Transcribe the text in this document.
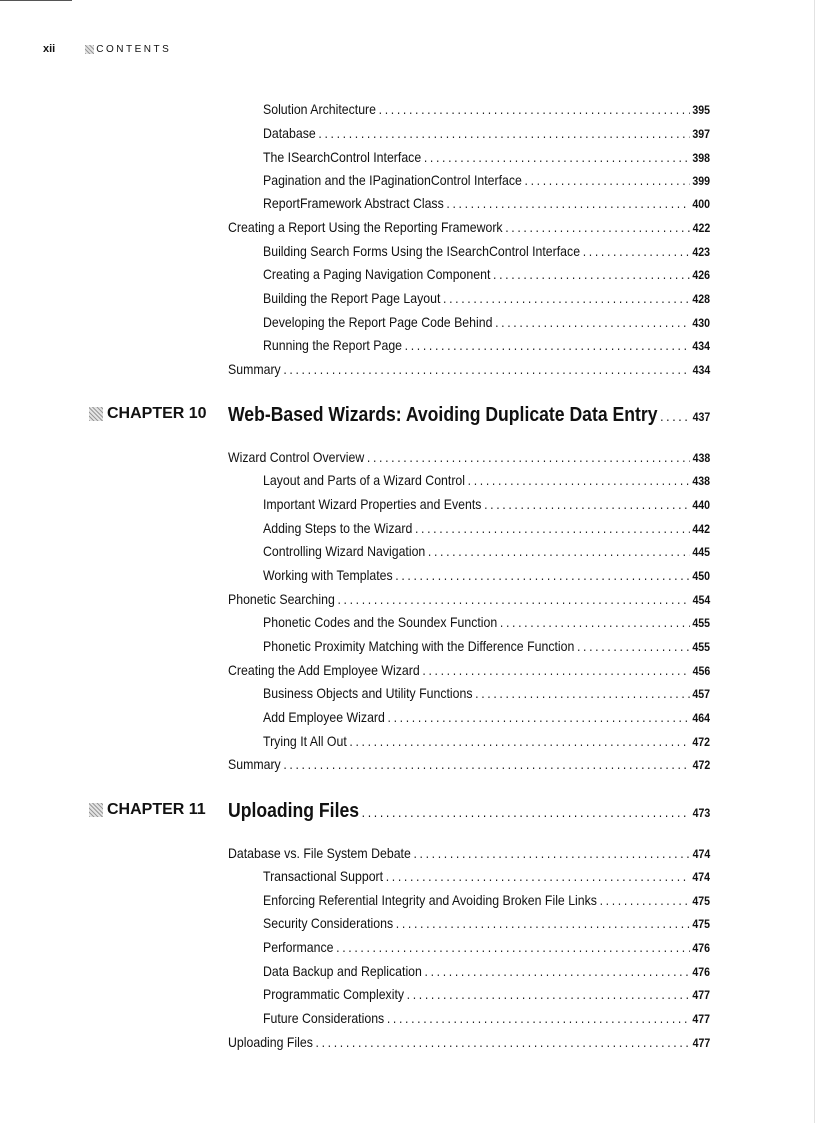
xii	CONTENTS
Solution Architecture .....	395
Database .....	397
The ISearchControl Interface .....	398
Pagination and the IPaginationControl Interface .....	399
ReportFramework Abstract Class .....	400
Creating a Report Using the Reporting Framework .....	422
Building Search Forms Using the ISearchControl Interface .....	423
Creating a Paging Navigation Component .....	426
Building the Report Page Layout .....	428
Developing the Report Page Code Behind .....	430
Running the Report Page .....	434
Summary .....	434
CHAPTER 10 Web-Based Wizards: Avoiding Duplicate Data Entry .....	437
Wizard Control Overview .....	438
Layout and Parts of a Wizard Control .....	438
Important Wizard Properties and Events .....	440
Adding Steps to the Wizard .....	442
Controlling Wizard Navigation .....	445
Working with Templates .....	450
Phonetic Searching .....	454
Phonetic Codes and the Soundex Function .....	455
Phonetic Proximity Matching with the Difference Function .....	455
Creating the Add Employee Wizard .....	456
Business Objects and Utility Functions .....	457
Add Employee Wizard .....	464
Trying It All Out .....	472
Summary .....	472
CHAPTER 11 Uploading Files .....	473
Database vs. File System Debate .....	474
Transactional Support .....	474
Enforcing Referential Integrity and Avoiding Broken File Links .....	475
Security Considerations .....	475
Performance .....	476
Data Backup and Replication .....	476
Programmatic Complexity .....	477
Future Considerations .....	477
Uploading Files .....	477
